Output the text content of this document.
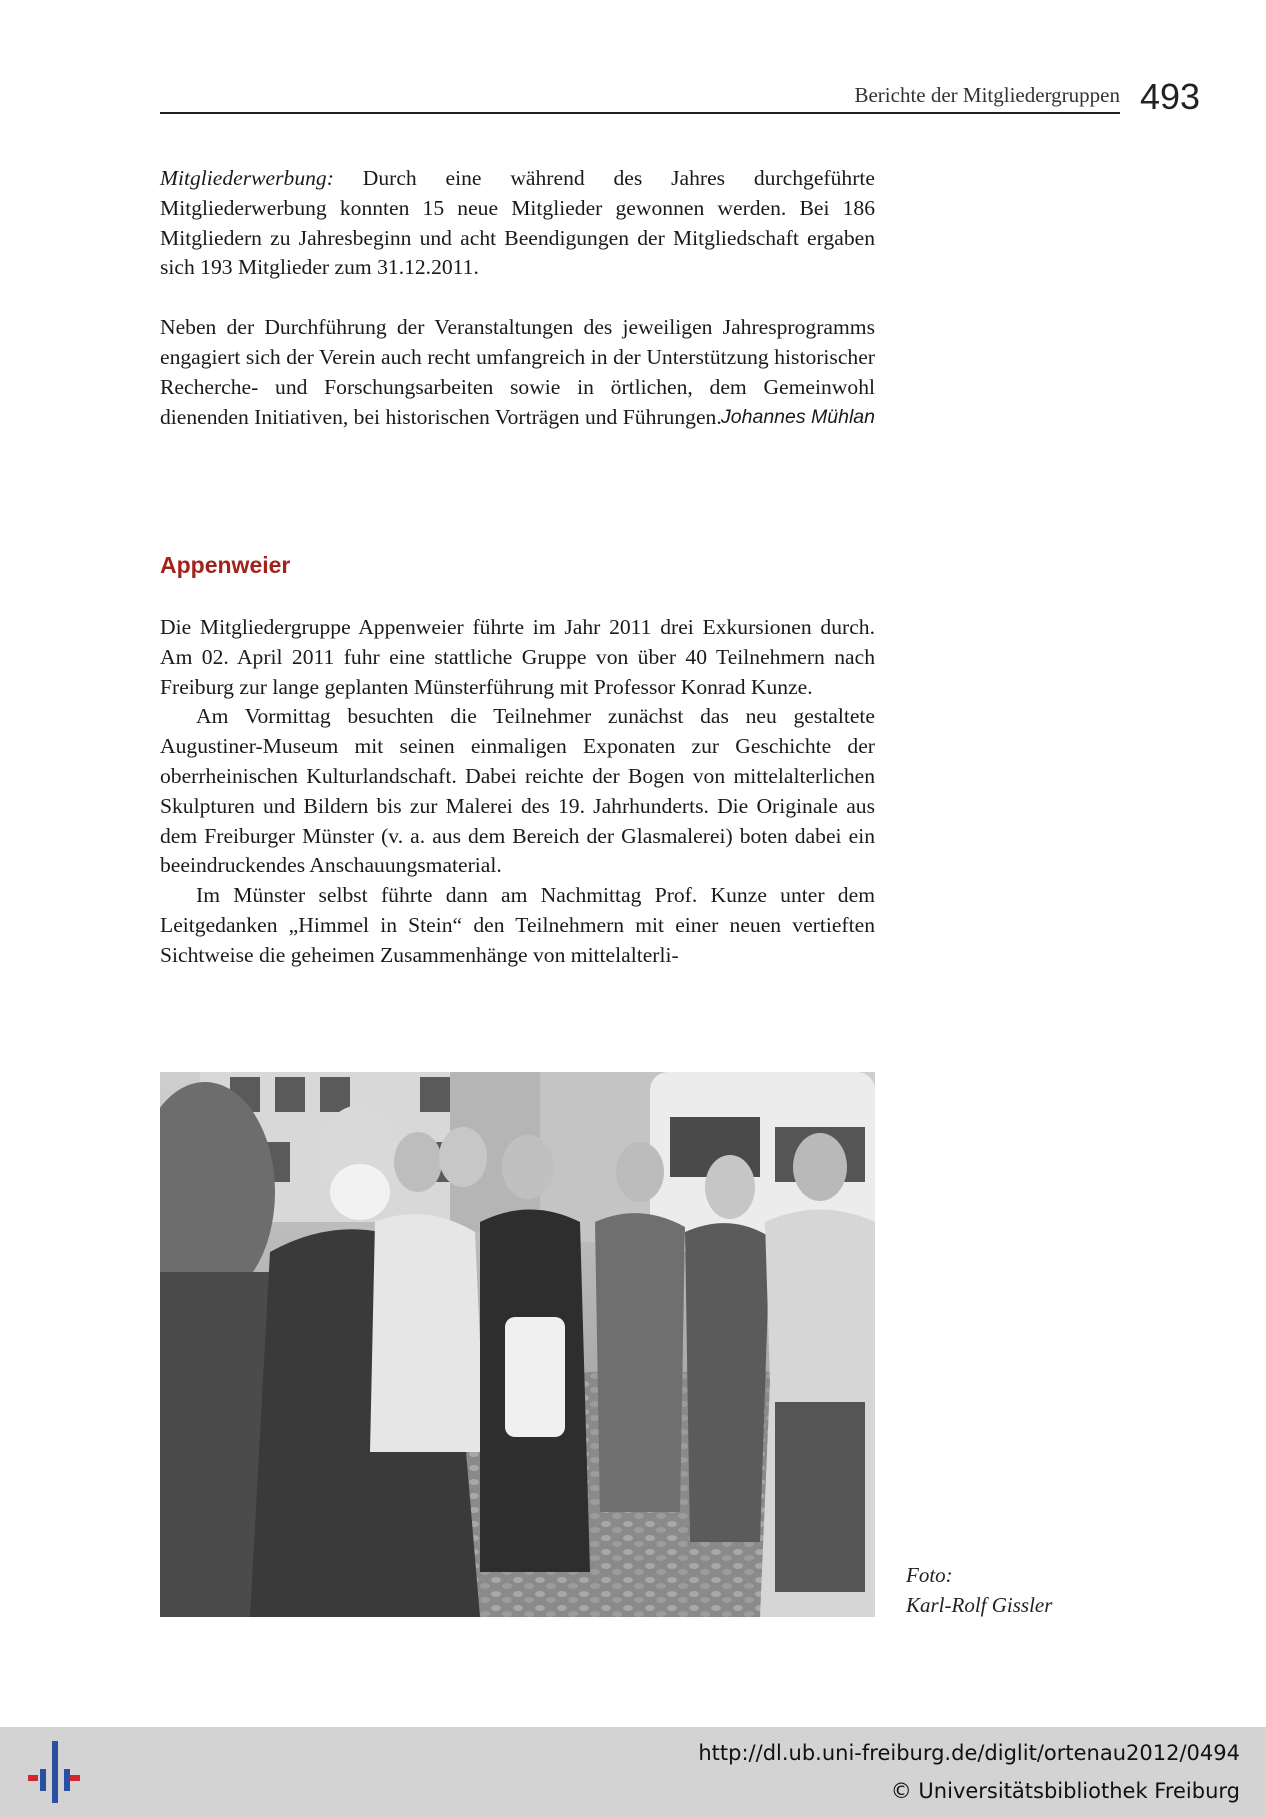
Berichte der Mitgliedergruppen 493

Mitgliederwerbung: Durch eine während des Jahres durchgeführte Mitgliederwerbung konnten 15 neue Mitglieder gewonnen werden. Bei 186 Mitgliedern zu Jahresbeginn und acht Beendigungen der Mitgliedschaft ergaben sich 193 Mitglieder zum 31.12.2011.

Neben der Durchführung der Veranstaltungen des jeweiligen Jahresprogramms engagiert sich der Verein auch recht umfangreich in der Unterstützung historischer Recherche- und Forschungsarbeiten sowie in örtlichen, dem Gemeinwohl dienenden Initiativen, bei historischen Vorträgen und Führungen. Johannes Mühlan

Appenweier

Die Mitgliedergruppe Appenweier führte im Jahr 2011 drei Exkursionen durch. Am 02. April 2011 fuhr eine stattliche Gruppe von über 40 Teilnehmern nach Freiburg zur lange geplanten Münsterführung mit Professor Konrad Kunze.

Am Vormittag besuchten die Teilnehmer zunächst das neu gestaltete Augustiner-Museum mit seinen einmaligen Exponaten zur Geschichte der oberrheinischen Kulturlandschaft. Dabei reichte der Bogen von mittelalterlichen Skulpturen und Bildern bis zur Malerei des 19. Jahrhunderts. Die Originale aus dem Freiburger Münster (v. a. aus dem Bereich der Glasmalerei) boten dabei ein beeindruckendes Anschauungsmaterial.

Im Münster selbst führte dann am Nachmittag Prof. Kunze unter dem Leitgedanken „Himmel in Stein“ den Teilnehmern mit einer neuen vertieften Sichtweise die geheimen Zusammenhänge von mittelalterli-

Foto:
Karl-Rolf Gissler
http://dl.ub.uni-freiburg.de/diglit/ortenau2012/0494
© Universitätsbibliothek Freiburg
